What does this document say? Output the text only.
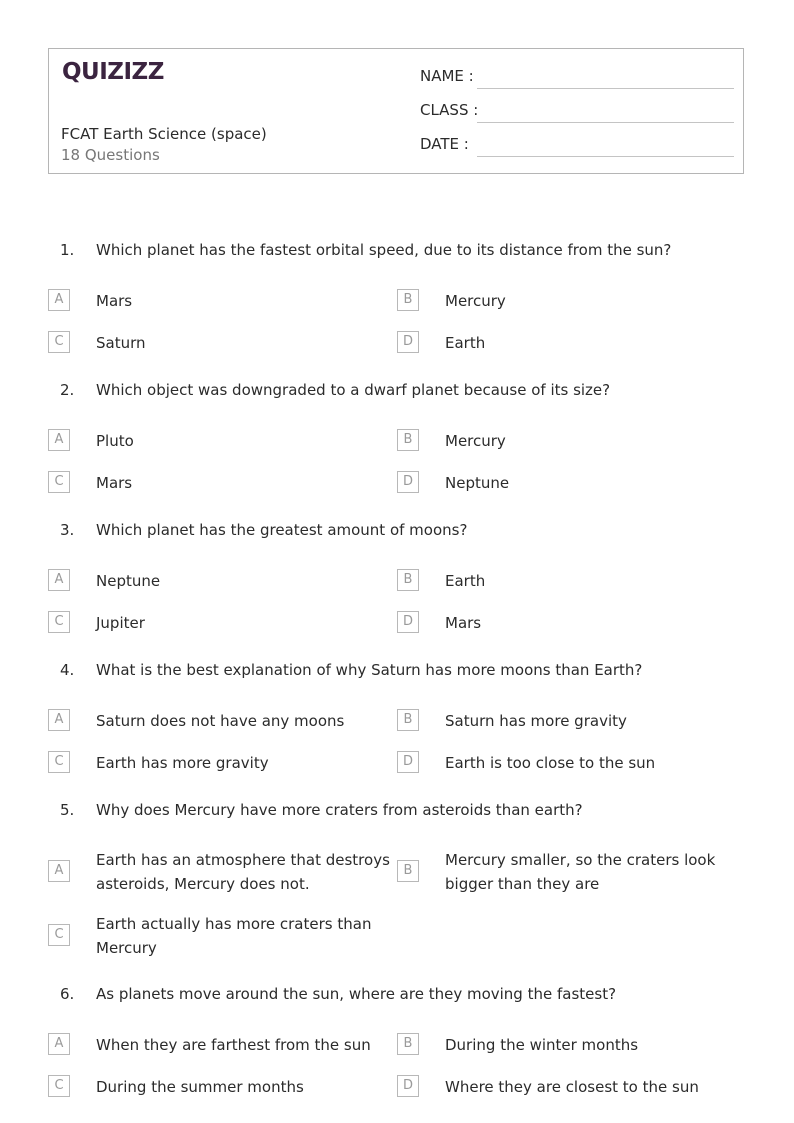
QUIZIZZ
FCAT Earth Science (space)
18 Questions
NAME :
CLASS :
DATE :
1. Which planet has the fastest orbital speed, due to its distance from the sun?
A	Mars	B	Mercury
C	Saturn	D	Earth
2. Which object was downgraded to a dwarf planet because of its size?
A	Pluto	B	Mercury
C	Mars	D	Neptune
3. Which planet has the greatest amount of moons?
A	Neptune	B	Earth
C	Jupiter	D	Mars
4. What is the best explanation of why Saturn has more moons than Earth?
A	Saturn does not have any moons	B	Saturn has more gravity
C	Earth has more gravity	D	Earth is too close to the sun
5. Why does Mercury have more craters from asteroids than earth?
A
Earth has an atmosphere that destroys asteroids, Mercury does not.
B
Mercury smaller, so the craters look bigger than they are
C
Earth actually has more craters than Mercury
6. As planets move around the sun, where are they moving the fastest?
A	When they are farthest from the sun	B	During the winter months
C	During the summer months	D	Where they are closest to the sun
